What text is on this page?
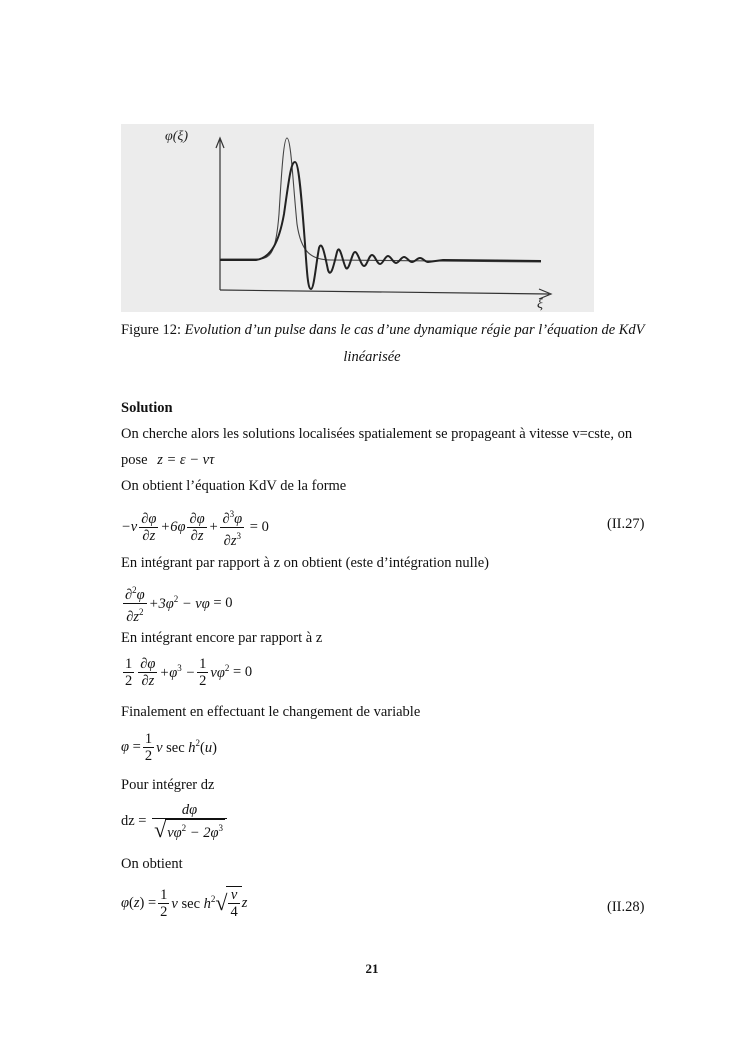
φ(ξ)
ξ
Figure 12: Evolution d’un pulse dans le cas d’une dynamique régie par l’équation de KdV
linéarisée
Solution
On cherche alors les solutions localisées spatialement se propageant à vitesse v=cste, on
pose z = ε − vτ
On obtient l’équation KdV de la forme
$-v \frac{\partial\varphi}{\partial z} +6\varphi \frac{\partial\varphi}{\partial z} + \frac{\partial^3\varphi}{\partial z^3} = 0$	(II.27)
En intégrant par rapport à z on obtient (este d’intégration nulle)
$\frac{\partial^2\varphi}{\partial z^2} +3\varphi^2 - v\varphi = 0$
En intégrant encore par rapport à z
$\frac{1}{2} \frac{\partial\varphi}{\partial z} +\varphi^3 - \frac{1}{2} v\varphi^2 = 0$
Finalement en effectuant le changement de variable
$\varphi = \frac{1}{2}$ v $\sec h^2(u)$
Pour intégrer dz
dz = $\frac{d\varphi}{√v\varphi^2 - 2\varphi^3}$
On obtient
$\varphi(z) = \frac{1}{2}$ v $\sec h^2$ √ $\frac{v}{4}$ z	(II.28)
21
